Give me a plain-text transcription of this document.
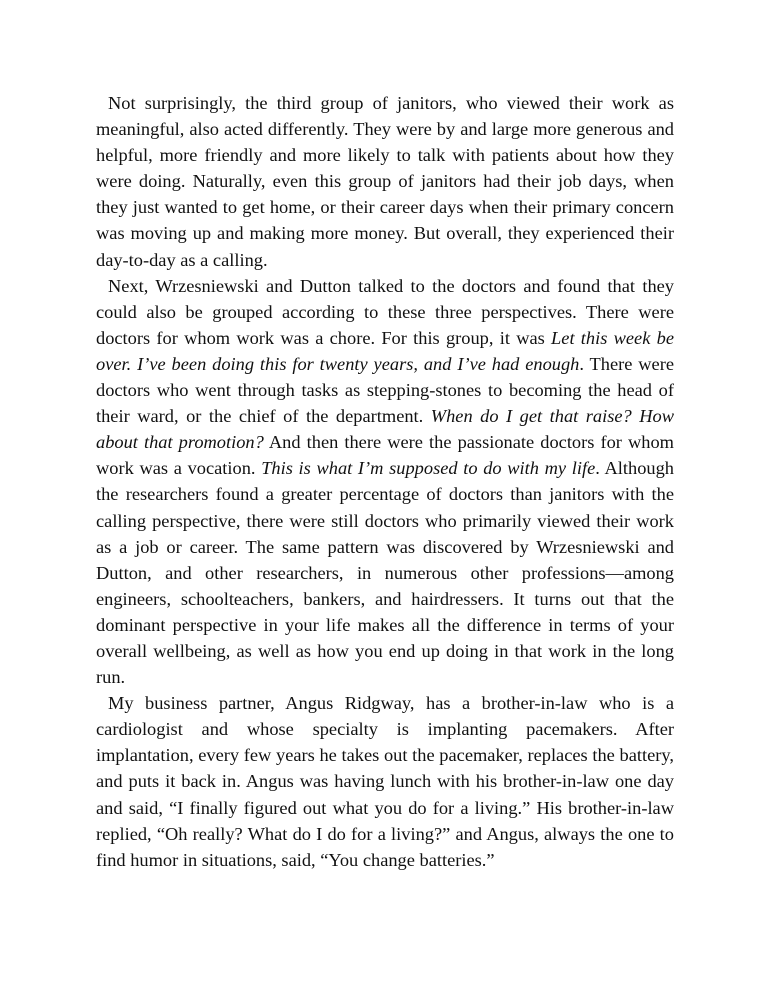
Not surprisingly, the third group of janitors, who viewed their work as meaningful, also acted differently. They were by and large more generous and helpful, more friendly and more likely to talk with patients about how they were doing. Naturally, even this group of janitors had their job days, when they just wanted to get home, or their career days when their primary concern was moving up and making more money. But overall, they experienced their day-to-day as a calling.

Next, Wrzesniewski and Dutton talked to the doctors and found that they could also be grouped according to these three perspectives. There were doctors for whom work was a chore. For this group, it was Let this week be over. I’ve been doing this for twenty years, and I’ve had enough. There were doctors who went through tasks as stepping-stones to becoming the head of their ward, or the chief of the department. When do I get that raise? How about that promotion? And then there were the passionate doctors for whom work was a vocation. This is what I’m supposed to do with my life. Although the researchers found a greater percentage of doctors than janitors with the calling perspective, there were still doctors who primarily viewed their work as a job or career. The same pattern was discovered by Wrzesniewski and Dutton, and other researchers, in numerous other professions—among engineers, schoolteachers, bankers, and hairdressers. It turns out that the dominant perspective in your life makes all the difference in terms of your overall wellbeing, as well as how you end up doing in that work in the long run.

My business partner, Angus Ridgway, has a brother-in-law who is a cardiologist and whose specialty is implanting pacemakers. After implantation, every few years he takes out the pacemaker, replaces the battery, and puts it back in. Angus was having lunch with his brother-in-law one day and said, “I finally figured out what you do for a living.” His brother-in-law replied, “Oh really? What do I do for a living?” and Angus, always the one to find humor in situations, said, “You change batteries.”
